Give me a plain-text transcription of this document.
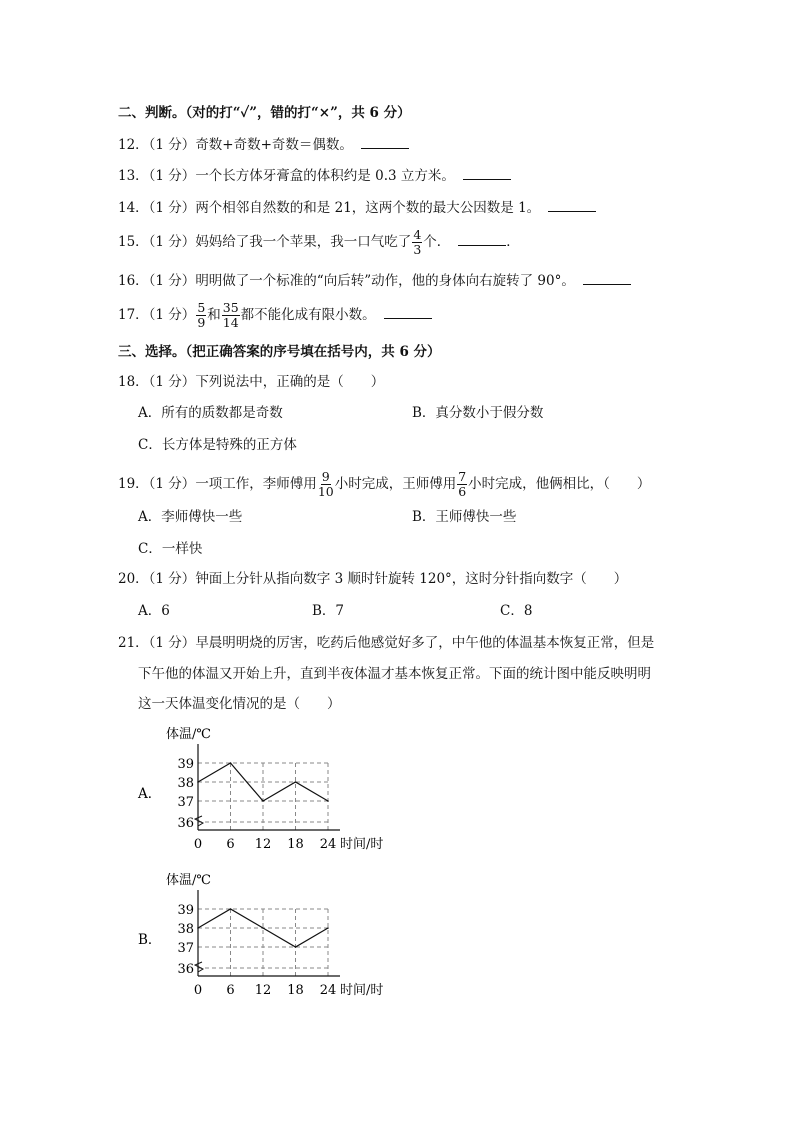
二、判断。（对的打“✓”，错的打“×”，共 6 分）
12．（1 分）奇数+奇数+奇数＝偶数。
13．（1 分）一个长方体牙膏盒的体积约是 0.3 立方米。
14．（1 分）两个相邻自然数的和是 21，这两个数的最大公因数是 1。
15．（1 分）妈妈给了我一个苹果，我一口气吃了 $\frac{4}{3}$ 个．	．
16．（1 分）明明做了一个标准的“向后转”动作，他的身体向右旋转了 90°。
17．（1 分） $\frac{5}{9}$ 和 $\frac{35}{14}$ 都不能化成有限小数。
三、选择。（把正确答案的序号填在括号内，共 6 分）
18．（1 分）下列说法中，正确的是（　　）
A．所有的质数都是奇数	B．真分数小于假分数
C．长方体是特殊的正方体
19．（1 分）一项工作，李师傅用 $\frac{9}{10}$ 小时完成，王师傅用 $\frac{7}{6}$ 小时完成，他俩相比，（　　）
A．李师傅快一些	B．王师傅快一些
C．一样快
20．（1 分）钟面上分针从指向数字 3 顺时针旋转 120°，这时分针指向数字（　　）
A．6	B．7	C．8
21．（1 分）早晨明明烧的厉害，吃药后他感觉好多了，中午他的体温基本恢复正常，但是
下午他的体温又开始上升，直到半夜体温才基本恢复正常。下面的统计图中能反映明明
这一天体温变化情况的是（　　）
A．
体温/℃
36
37
38
39
0 6 12 18 24 时间/时
B．
体温/℃
36
37
38
39
0 6 12 18 24 时间/时
